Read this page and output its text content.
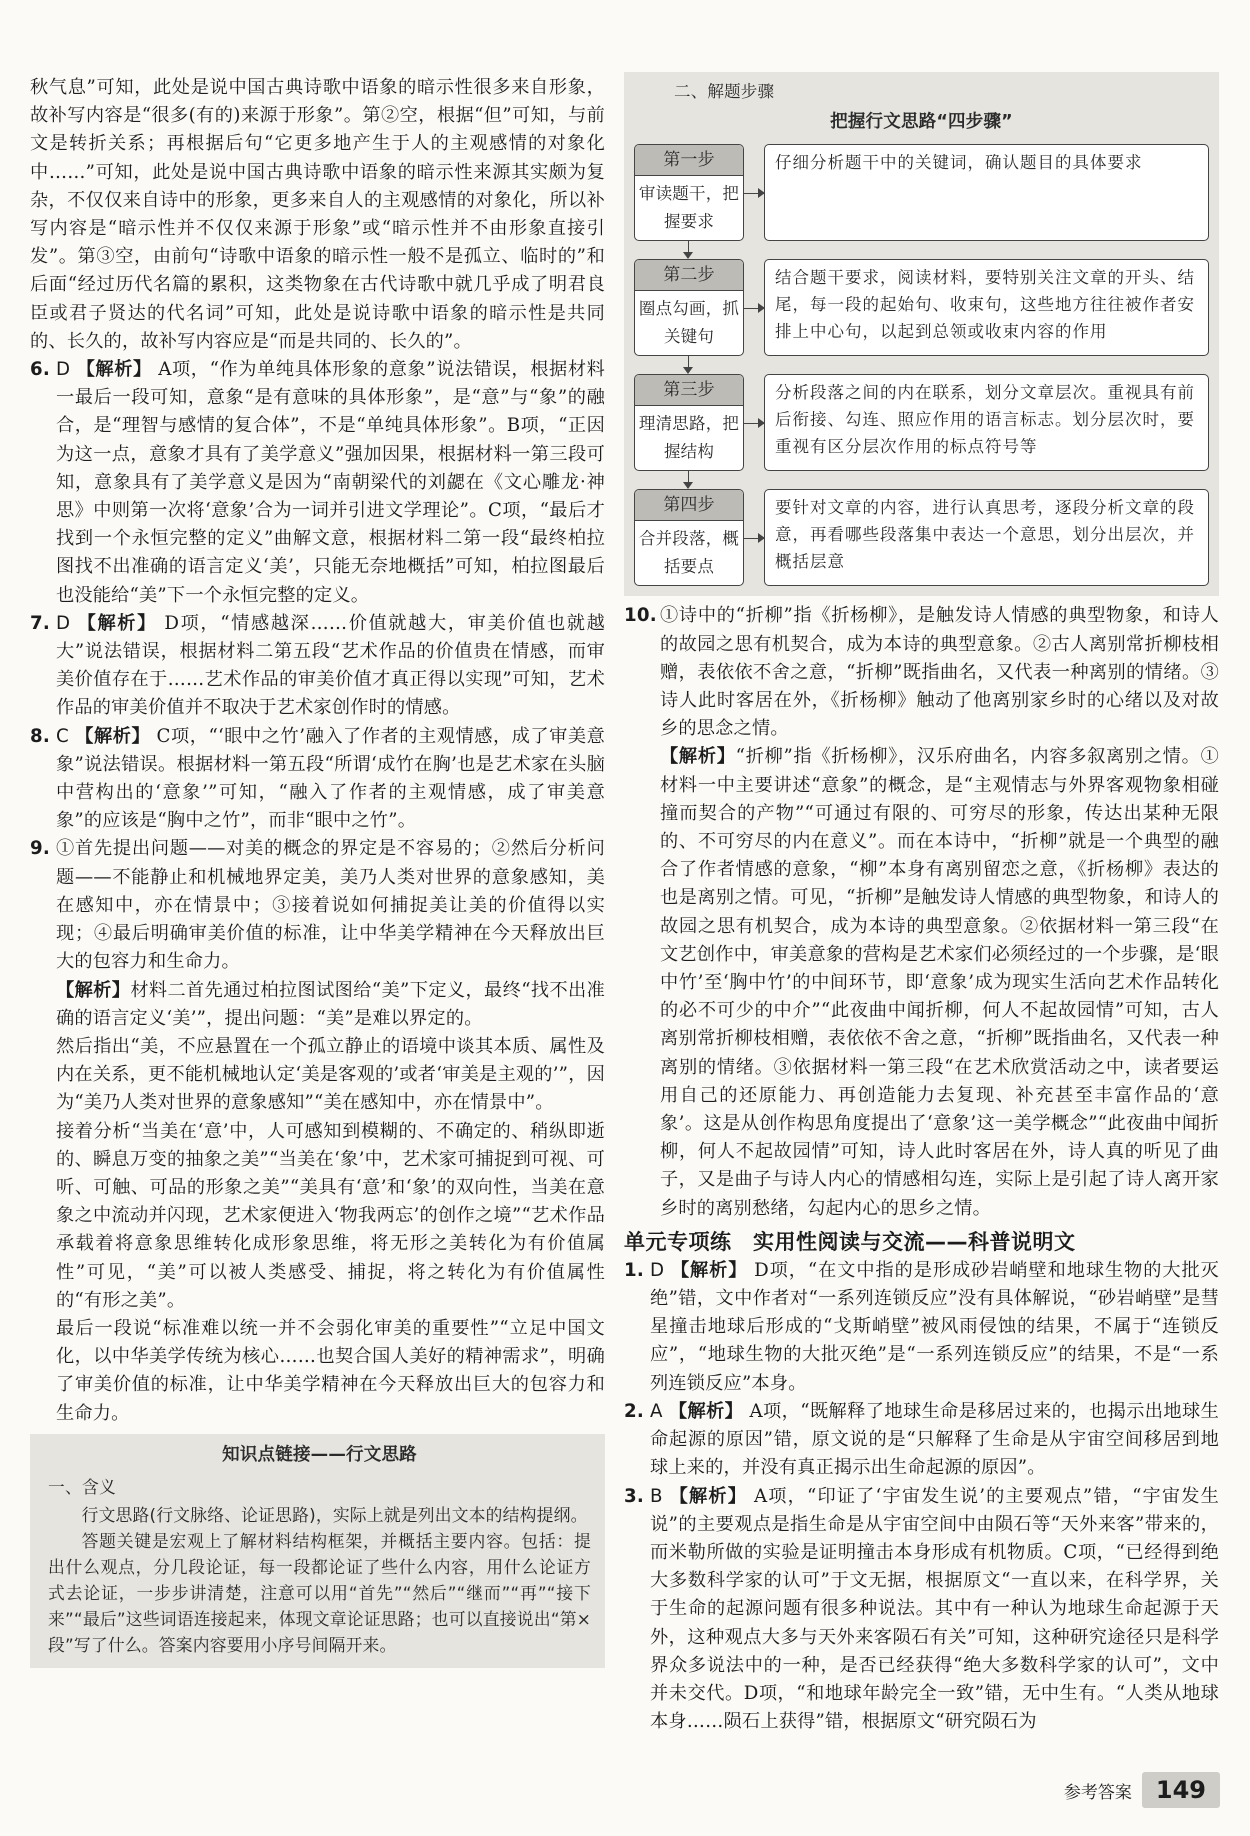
秋气息”可知，此处是说中国古典诗歌中语象的暗示性很多来自形象，故补写内容是“很多(有的)来源于形象”。第②空，根据“但”可知，与前文是转折关系；再根据后句“它更多地产生于人的主观感情的对象化中……”可知，此处是说中国古典诗歌中语象的暗示性来源其实颇为复杂，不仅仅来自诗中的形象，更多来自人的主观感情的对象化，所以补写内容是“暗示性并不仅仅来源于形象”或“暗示性并不由形象直接引发”。第③空，由前句“诗歌中语象的暗示性一般不是孤立、临时的”和后面“经过历代名篇的累积，这类物象在古代诗歌中就几乎成了明君良臣或君子贤达的代名词”可知，此处是说诗歌中语象的暗示性是共同的、长久的，故补写内容应是“而是共同的、长久的”。
6. D 【解析】 A项，“作为单纯具体形象的意象”说法错误，根据材料一最后一段可知，意象“是有意味的具体形象”，是“意”与“象”的融合，是“理智与感情的复合体”，不是“单纯具体形象”。B项，“正因为这一点，意象才具有了美学意义”强加因果，根据材料一第三段可知，意象具有了美学意义是因为“南朝梁代的刘勰在《文心雕龙·神思》中则第一次将‘意象’合为一词并引进文学理论”。C项，“最后才找到一个永恒完整的定义”曲解文意，根据材料二第一段“最终柏拉图找不出准确的语言定义‘美’，只能无奈地概括”可知，柏拉图最后也没能给“美”下一个永恒完整的定义。
7. D 【解析】 D项，“情感越深……价值就越大，审美价值也就越大”说法错误，根据材料二第五段“艺术作品的价值贵在情感，而审美价值存在于……艺术作品的审美价值才真正得以实现”可知，艺术作品的审美价值并不取决于艺术家创作时的情感。
8. C 【解析】 C项，“‘眼中之竹’融入了作者的主观情感，成了审美意象”说法错误。根据材料一第五段“所谓‘成竹在胸’也是艺术家在头脑中营构出的‘意象’”可知，“融入了作者的主观情感，成了审美意象”的应该是“胸中之竹”，而非“眼中之竹”。
9. ①首先提出问题——对美的概念的界定是不容易的；②然后分析问题——不能静止和机械地界定美，美乃人类对世界的意象感知，美在感知中，亦在情景中；③接着说如何捕捉美让美的价值得以实现；④最后明确审美价值的标准，让中华美学精神在今天释放出巨大的包容力和生命力。
【解析】材料二首先通过柏拉图试图给“美”下定义，最终“找不出准确的语言定义‘美’”，提出问题：“美”是难以界定的。
然后指出“美，不应悬置在一个孤立静止的语境中谈其本质、属性及内在关系，更不能机械地认定‘美是客观的’或者‘审美是主观的’”，因为“美乃人类对世界的意象感知”“美在感知中，亦在情景中”。
接着分析“当美在‘意’中，人可感知到模糊的、不确定的、稍纵即逝的、瞬息万变的抽象之美”“当美在‘象’中，艺术家可捕捉到可视、可听、可触、可品的形象之美”“美具有‘意’和‘象’的双向性，当美在意象之中流动并闪现，艺术家便进入‘物我两忘’的创作之境”“艺术作品承载着将意象思维转化成形象思维，将无形之美转化为有价值属性”可见，“美”可以被人类感受、捕捉，将之转化为有价值属性的“有形之美”。
最后一段说“标准难以统一并不会弱化审美的重要性”“立足中国文化，以中华美学传统为核心……也契合国人美好的精神需求”，明确了审美价值的标准，让中华美学精神在今天释放出巨大的包容力和生命力。
知识点链接——行文思路
一、含义

行文思路(行文脉络、论证思路)，实际上就是列出文本的结构提纲。

答题关键是宏观上了解材料结构框架，并概括主要内容。包括：提出什么观点，分几段论证，每一段都论证了些什么内容，用什么论证方式去论证，一步步讲清楚，注意可以用“首先”“然后”“继而”“再”“接下来”“最后”这些词语连接起来，体现文章论证思路；也可以直接说出“第×段”写了什么。答案内容要用小序号间隔开来。

二、解题步骤
把握行文思路“四步骤”
第一步
审读题干，把握要求
仔细分析题干中的关键词，确认题目的具体要求
第二步
圈点勾画，抓关键句
结合题干要求，阅读材料，要特别关注文章的开头、结尾，每一段的起始句、收束句，这些地方往往被作者安排上中心句，以起到总领或收束内容的作用
第三步
理清思路，把握结构
分析段落之间的内在联系，划分文章层次。重视具有前后衔接、勾连、照应作用的语言标志。划分层次时，要重视有区分层次作用的标点符号等
第四步
合并段落，概括要点
要针对文章的内容，进行认真思考，逐段分析文章的段意，再看哪些段落集中表达一个意思，划分出层次，并概括层意
10. ①诗中的“折柳”指《折杨柳》，是触发诗人情感的典型物象，和诗人的故园之思有机契合，成为本诗的典型意象。②古人离别常折柳枝相赠，表依依不舍之意，“折柳”既指曲名，又代表一种离别的情绪。③诗人此时客居在外，《折杨柳》触动了他离别家乡时的心绪以及对故乡的思念之情。
【解析】“折柳”指《折杨柳》，汉乐府曲名，内容多叙离别之情。①材料一中主要讲述“意象”的概念，是“主观情志与外界客观物象相碰撞而契合的产物”“可通过有限的、可穷尽的形象，传达出某种无限的、不可穷尽的内在意义”。而在本诗中，“折柳”就是一个典型的融合了作者情感的意象，“柳”本身有离别留恋之意，《折杨柳》表达的也是离别之情。可见，“折柳”是触发诗人情感的典型物象，和诗人的故园之思有机契合，成为本诗的典型意象。②依据材料一第三段“在文艺创作中，审美意象的营构是艺术家们必须经过的一个步骤，是‘眼中竹’至‘胸中竹’的中间环节，即‘意象’成为现实生活向艺术作品转化的必不可少的中介”“此夜曲中闻折柳，何人不起故园情”可知，古人离别常折柳枝相赠，表依依不舍之意，“折柳”既指曲名，又代表一种离别的情绪。③依据材料一第三段“在艺术欣赏活动之中，读者要运用自己的还原能力、再创造能力去复现、补充甚至丰富作品的‘意象’。这是从创作构思角度提出了‘意象’这一美学概念”“此夜曲中闻折柳，何人不起故园情”可知，诗人此时客居在外，诗人真的听见了曲子，又是曲子与诗人内心的情感相勾连，实际上是引起了诗人离开家乡时的离别愁绪，勾起内心的思乡之情。
单元专项练　实用性阅读与交流——科普说明文
1. D 【解析】 D项，“在文中指的是形成砂岩峭壁和地球生物的大批灭绝”错，文中作者对“一系列连锁反应”没有具体解说，“砂岩峭壁”是彗星撞击地球后形成的“戈斯峭壁”被风雨侵蚀的结果，不属于“连锁反应”，“地球生物的大批灭绝”是“一系列连锁反应”的结果，不是“一系列连锁反应”本身。
2. A 【解析】 A项，“既解释了地球生命是移居过来的，也揭示出地球生命起源的原因”错，原文说的是“只解释了生命是从宇宙空间移居到地球上来的，并没有真正揭示出生命起源的原因”。
3. B 【解析】 A项，“印证了‘宇宙发生说’的主要观点”错，“宇宙发生说”的主要观点是指生命是从宇宙空间中由陨石等“天外来客”带来的，而米勒所做的实验是证明撞击本身形成有机物质。C项，“已经得到绝大多数科学家的认可”于文无据，根据原文“一直以来，在科学界，关于生命的起源问题有很多种说法。其中有一种认为地球生命起源于天外，这种观点大多与天外来客陨石有关”可知，这种研究途径只是科学界众多说法中的一种，是否已经获得“绝大多数科学家的认可”，文中并未交代。D项，“和地球年龄完全一致”错，无中生有。“人类从地球本身……陨石上获得”错，根据原文“研究陨石为
参考答案	149
